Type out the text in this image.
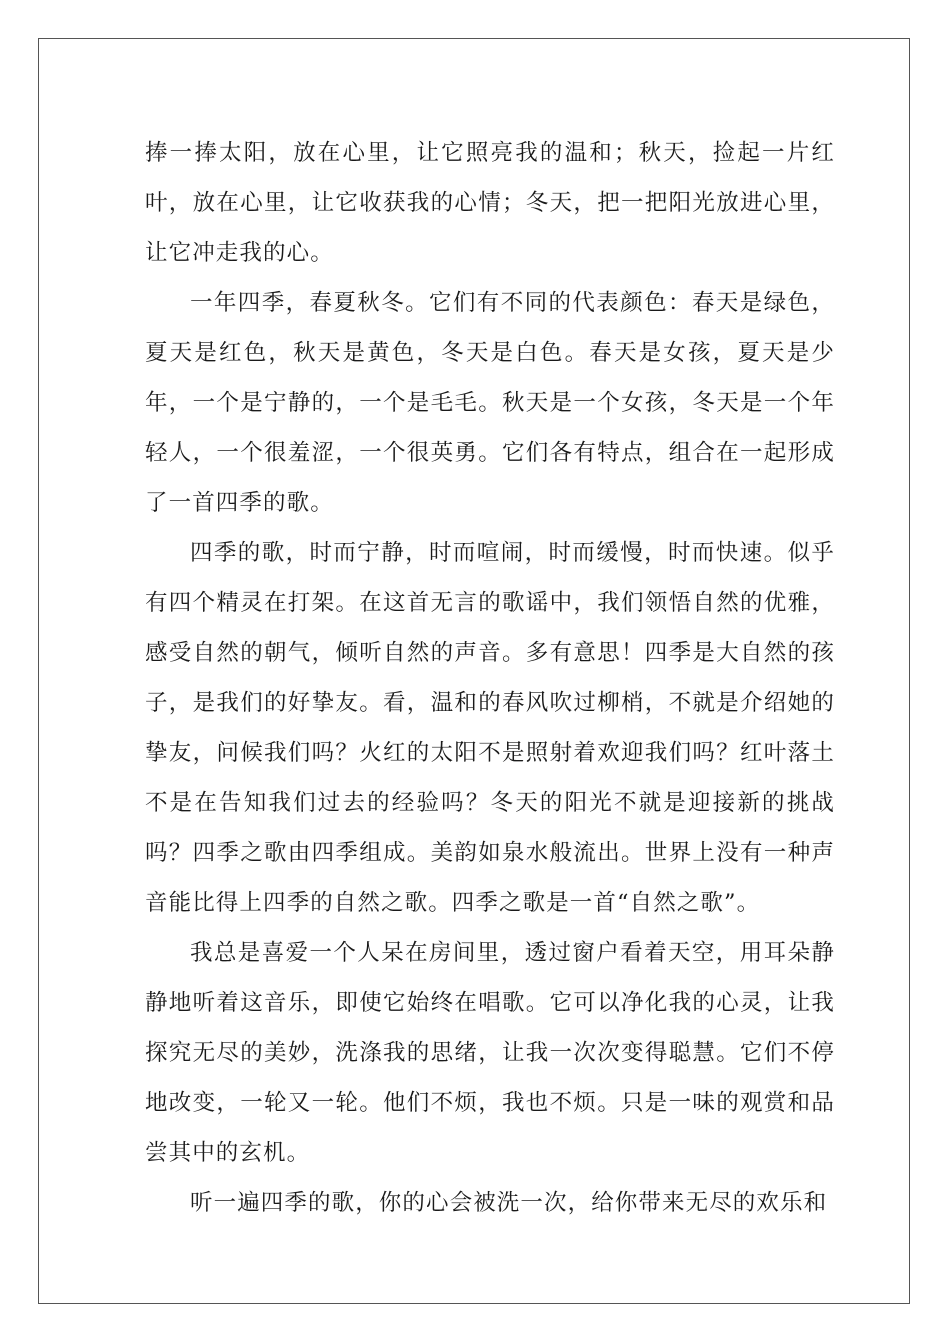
捧一捧太阳，放在心里，让它照亮我的温和；秋天，捡起一片红叶，放在心里，让它收获我的心情；冬天，把一把阳光放进心里，让它冲走我的心。

一年四季，春夏秋冬。它们有不同的代表颜色：春天是绿色，夏天是红色，秋天是黄色，冬天是白色。春天是女孩，夏天是少年，一个是宁静的，一个是毛毛。秋天是一个女孩，冬天是一个年轻人，一个很羞涩，一个很英勇。它们各有特点，组合在一起形成了一首四季的歌。

四季的歌，时而宁静，时而喧闹，时而缓慢，时而快速。似乎有四个精灵在打架。在这首无言的歌谣中，我们领悟自然的优雅，感受自然的朝气，倾听自然的声音。多有意思！四季是大自然的孩子，是我们的好挚友。看，温和的春风吹过柳梢，不就是介绍她的挚友，问候我们吗？火红的太阳不是照射着欢迎我们吗？红叶落土不是在告知我们过去的经验吗？冬天的阳光不就是迎接新的挑战吗？四季之歌由四季组成。美韵如泉水般流出。世界上没有一种声音能比得上四季的自然之歌。四季之歌是一首“自然之歌”。

我总是喜爱一个人呆在房间里，透过窗户看着天空，用耳朵静静地听着这音乐，即使它始终在唱歌。它可以净化我的心灵，让我探究无尽的美妙，洗涤我的思绪，让我一次次变得聪慧。它们不停地改变，一轮又一轮。他们不烦，我也不烦。只是一味的观赏和品尝其中的玄机。

听一遍四季的歌，你的心会被洗一次，给你带来无尽的欢乐和
